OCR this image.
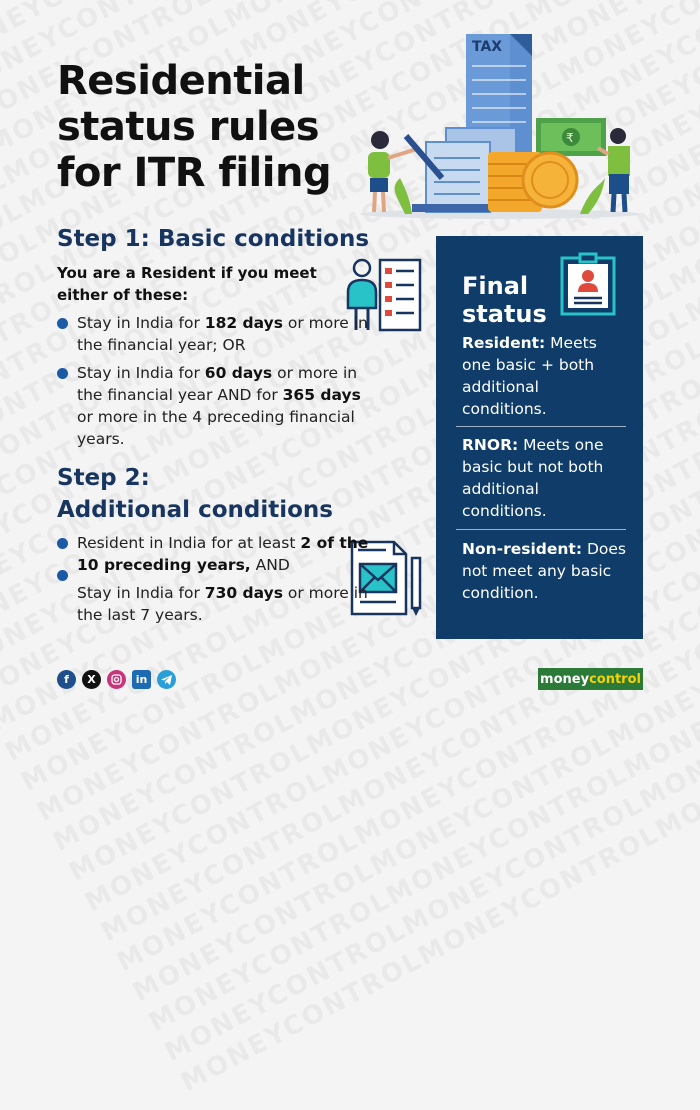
Residential
status rules
for ITR filing
TAX
₹
Step 1: Basic conditions
You are a Resident if you meet either of these:
Stay in India for 182 days or more in the financial year; OR
Stay in India for 60 days or more in the financial year AND for 365 days or more in the 4 preceding financial years.
Step 2:
Additional conditions
Resident in India for at least 2 of the 10 preceding years, AND
Stay in India for 730 days or more in the last 7 years.
Final
status
Resident: Meets one basic + both additional conditions.
RNOR: Meets one basic but not both additional conditions.
Non-resident: Does not meet any basic condition.
f	X	in	money control
